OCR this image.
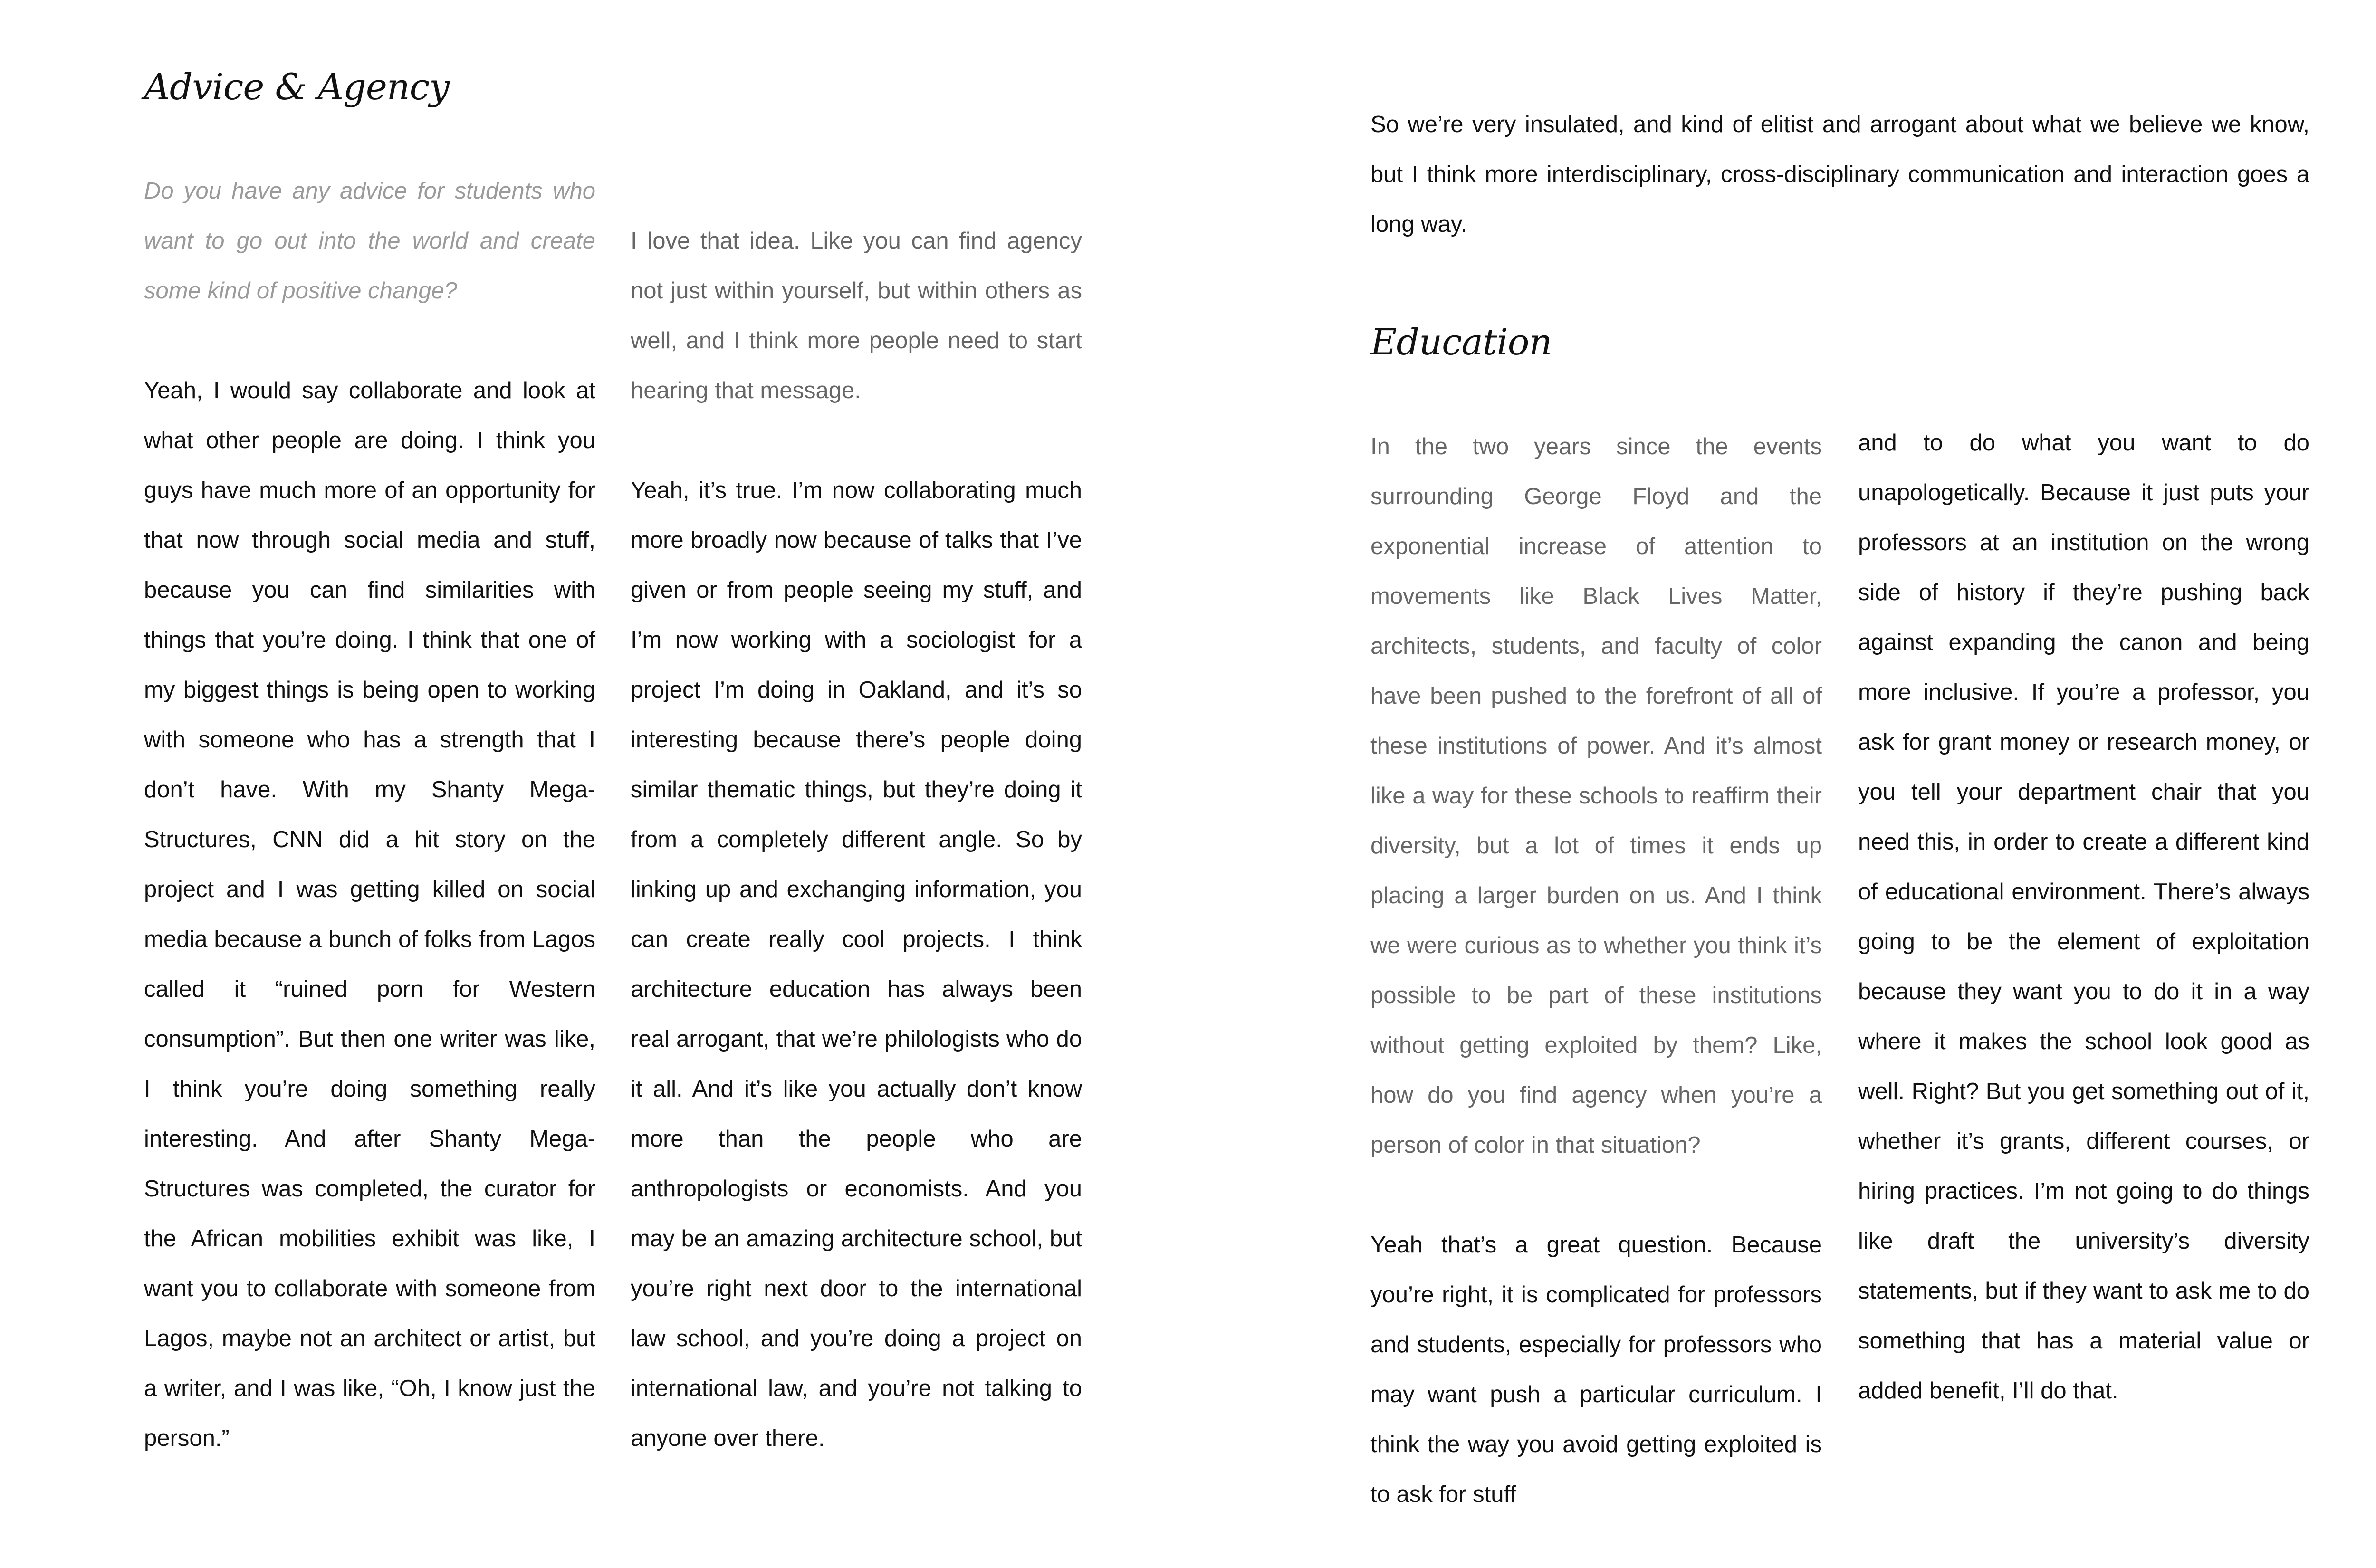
Advice & Agency

Do you have any advice for students who want to go out into the world and create some kind of positive change?

Yeah, I would say collaborate and look at what other people are doing. I think you guys have much more of an opportunity for that now through social media and stuff, because you can find similarities with things that you’re doing. I think that one of my biggest things is being open to working with someone who has a strength that I don’t have. With my Shanty Mega-Structures, CNN did a hit story on the project and I was getting killed on social media because a bunch of folks from Lagos called it “ruined porn for Western consumption”. But then one writer was like, I think you’re doing something really interesting. And after Shanty Mega-Structures was completed, the curator for the African mobilities exhibit was like, I want you to collaborate with someone from Lagos, maybe not an architect or artist, but a writer, and I was like, “Oh, I know just the person.”

I love that idea. Like you can find agency not just within yourself, but within others as well, and I think more people need to start hearing that message.

Yeah, it’s true. I’m now collaborating much more broadly now because of talks that I’ve given or from people seeing my stuff, and I’m now working with a sociologist for a project I’m doing in Oakland, and it’s so interesting because there’s people doing similar thematic things, but they’re doing it from a completely different angle. So by linking up and exchanging information, you can create really cool projects. I think architecture education has always been real arrogant, that we’re philologists who do it all. And it’s like you actually don’t know more than the people who are anthropologists or economists. And you may be an amazing architecture school, but you’re right next door to the international law school, and you’re doing a project on international law, and you’re not talking to anyone over there.

So we’re very insulated, and kind of elitist and arrogant about what we believe we know, but I think more interdisciplinary, cross-disciplinary communication and interaction goes a long way.

Education

In the two years since the events surrounding George Floyd and the exponential increase of attention to movements like Black Lives Matter, architects, students, and faculty of color have been pushed to the forefront of all of these institutions of power. And it’s almost like a way for these schools to reaffirm their diversity, but a lot of times it ends up placing a larger burden on us. And I think we were curious as to whether you think it’s possible to be part of these institutions without getting exploited by them? Like, how do you find agency when you’re a person of color in that situation?

Yeah that’s a great question. Because you’re right, it is complicated for professors and students, especially for professors who may want push a particular curriculum. I think the way you avoid getting exploited is to ask for stuff

and to do what you want to do unapologetically. Because it just puts your professors at an institution on the wrong side of history if they’re pushing back against expanding the canon and being more inclusive. If you’re a professor, you ask for grant money or research money, or you tell your department chair that you need this, in order to create a different kind of educational environment. There’s always going to be the element of exploitation because they want you to do it in a way where it makes the school look good as well. Right? But you get something out of it, whether it’s grants, different courses, or hiring practices. I’m not going to do things like draft the university’s diversity statements, but if they want to ask me to do something that has a material value or added benefit, I’ll do that.
